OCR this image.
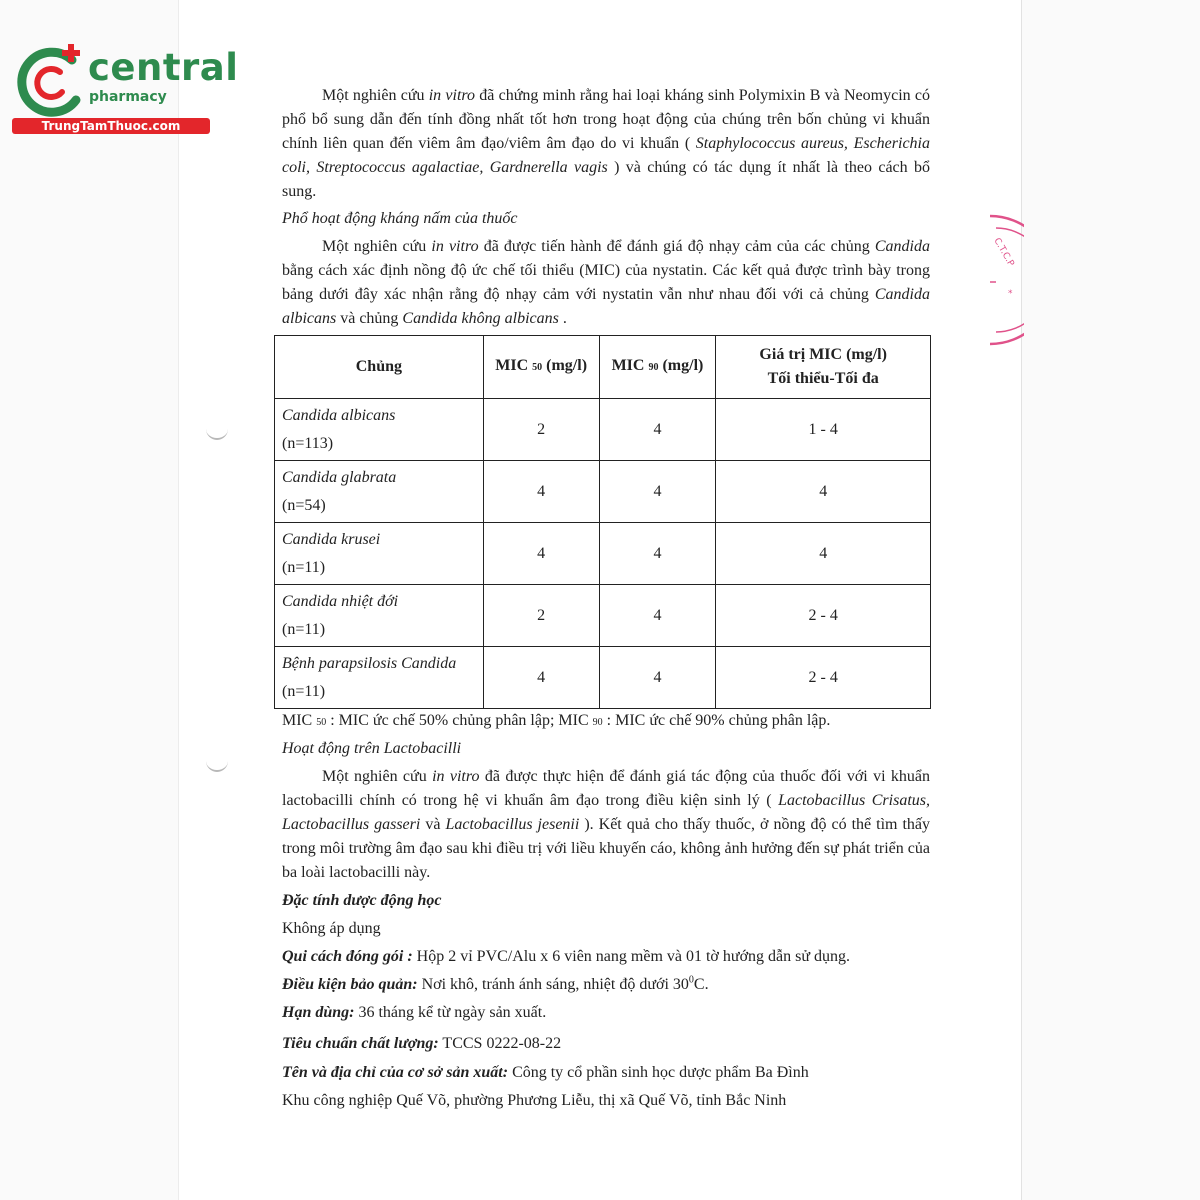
central
pharmacy
TrungTamThuoc.com
C.T.C.P
*
Một nghiên cứu in vitro đã chứng minh rằng hai loại kháng sinh Polymixin B và Neomycin có phổ bổ sung dẫn đến tính đồng nhất tốt hơn trong hoạt động của chúng trên bốn chủng vi khuẩn chính liên quan đến viêm âm đạo/viêm âm đạo do vi khuẩn ( Staphylococcus aureus, Escherichia coli, Streptococcus agalactiae, Gardnerella vagis ) và chúng có tác dụng ít nhất là theo cách bổ sung.
Phổ hoạt động kháng nấm của thuốc
Một nghiên cứu in vitro đã được tiến hành để đánh giá độ nhạy cảm của các chủng Candida bằng cách xác định nồng độ ức chế tối thiểu (MIC) của nystatin. Các kết quả được trình bày trong bảng dưới đây xác nhận rằng độ nhạy cảm với nystatin vẫn như nhau đối với cả chủng Candida albicans và chủng Candida không albicans .
Chủng	MIC 50 (mg/l)	MIC 90 (mg/l)	Giá trị MIC (mg/l)
Tối thiểu-Tối đa

Candida albicans
(n=113)	2	4	1 - 4
Candida glabrata
(n=54)	4	4	4
Candida krusei
(n=11)	4	4	4
Candida nhiệt đới
(n=11)	2	4	2 - 4
Bệnh parapsilosis Candida
(n=11)	4	4	2 - 4
MIC 50 : MIC ức chế 50% chủng phân lập; MIC 90 : MIC ức chế 90% chủng phân lập.
Hoạt động trên Lactobacilli
Một nghiên cứu in vitro đã được thực hiện để đánh giá tác động của thuốc đối với vi khuẩn lactobacilli chính có trong hệ vi khuẩn âm đạo trong điều kiện sinh lý ( Lactobacillus Crisatus, Lactobacillus gasseri và Lactobacillus jesenii ). Kết quả cho thấy thuốc, ở nồng độ có thể tìm thấy trong môi trường âm đạo sau khi điều trị với liều khuyến cáo, không ảnh hưởng đến sự phát triển của ba loài lactobacilli này.
Đặc tính dược động học
Không áp dụng
Qui cách đóng gói : Hộp 2 vỉ PVC/Alu x 6 viên nang mềm và 01 tờ hướng dẫn sử dụng.
Điều kiện bảo quản: Nơi khô, tránh ánh sáng, nhiệt độ dưới $30^0C$.
Hạn dùng: 36 tháng kể từ ngày sản xuất.
Tiêu chuẩn chất lượng: TCCS 0222-08-22
Tên và địa chỉ của cơ sở sản xuất: Công ty cổ phần sinh học dược phẩm Ba Đình
Khu công nghiệp Quế Võ, phường Phương Liễu, thị xã Quế Võ, tỉnh Bắc Ninh
